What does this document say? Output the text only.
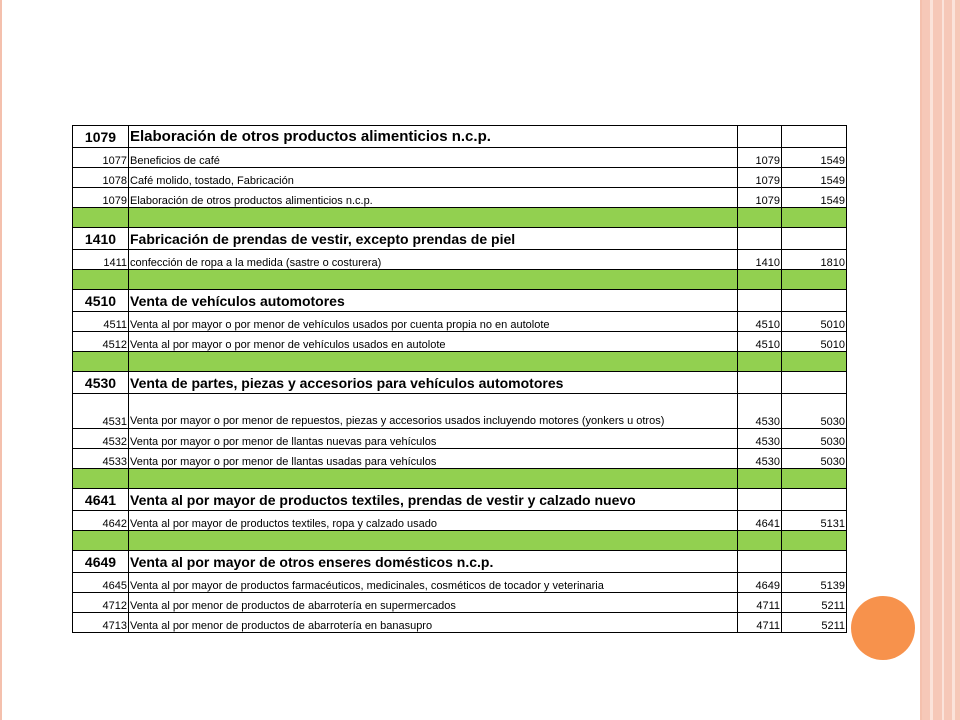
1079	Elaboración de otros productos alimenticios n.c.p.		
1077	Beneficios de café	1079	1549
1078	Café molido, tostado, Fabricación	1079	1549
1079	Elaboración de otros productos alimenticios n.c.p.	1079	1549

1410	Fabricación de prendas de vestir, excepto prendas de piel		
1411	confección de ropa a la medida (sastre o costurera)	1410	1810

4510	Venta de vehículos automotores		
4511	Venta al por mayor o por menor de vehículos usados por cuenta propia no en autolote	4510	5010
4512	Venta al por mayor o por menor de vehículos usados en autolote	4510	5010

4530	Venta de partes, piezas y accesorios para vehículos automotores		
4531	Venta por mayor o por menor de repuestos, piezas y accesorios usados incluyendo motores (yonkers u otros)	4530	5030
4532	Venta por mayor o por menor de llantas nuevas para vehículos	4530	5030
4533	Venta por mayor o por menor de llantas usadas para vehículos	4530	5030

4641	Venta al por mayor de productos textiles, prendas de vestir y calzado nuevo		
4642	Venta al por mayor de productos textiles, ropa y calzado usado	4641	5131

4649	Venta al por mayor de otros enseres domésticos n.c.p.		
4645	Venta al por mayor de productos farmacéuticos, medicinales, cosméticos de tocador y veterinaria	4649	5139
4712	Venta al por menor de productos de abarrotería en supermercados	4711	5211
4713	Venta al por menor de productos de abarrotería en banasupro	4711	5211
